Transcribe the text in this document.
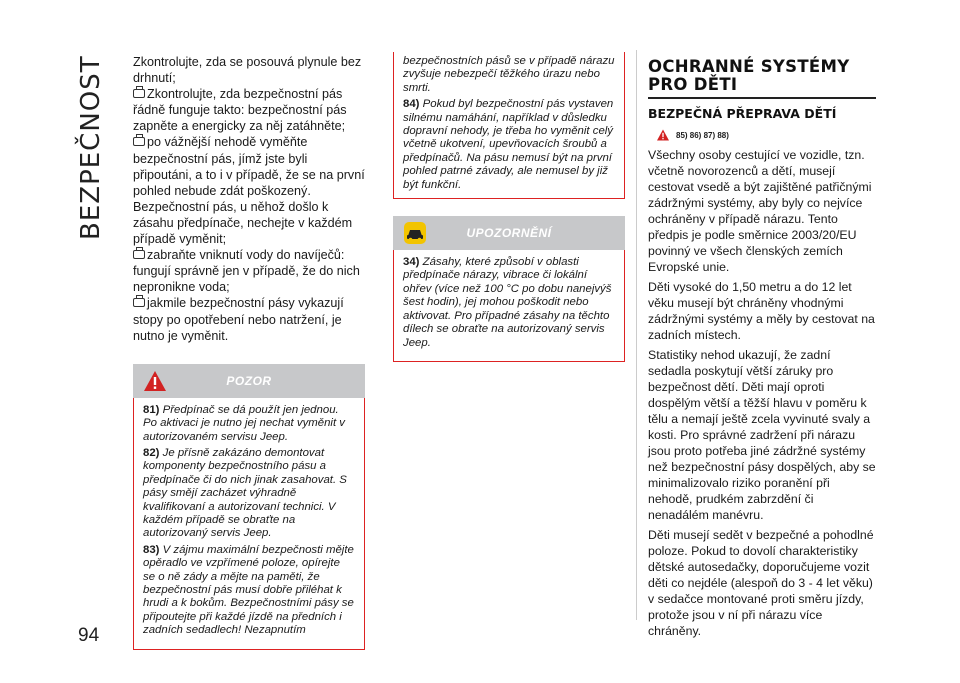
BEZPEČNOST
94

Zkontrolujte, zda se posouvá plynule bez drhnutí;

Zkontrolujte, zda bezpečnostní pás řádně funguje takto: bezpečnostní pás zapněte a energicky za něj zatáhněte;

po vážnější nehodě vyměňte bezpečnostní pás, jímž jste byli připoutáni, a to i v případě, že se na první pohled nebude zdát poškozený. Bezpečnostní pás, u něhož došlo k zásahu předpínače, nechejte v každém případě vyměnit;

zabraňte vniknutí vody do navíječů: fungují správně jen v případě, že do nich nepronikne voda;

jakmile bezpečnostní pásy vykazují stopy po opotřebení nebo natržení, je nutno je vyměnit.

POZOR

81) Předpínač se dá použít jen jednou. Po aktivaci je nutno jej nechat vyměnit v autorizovaném servisu Jeep.

82) Je přísně zakázáno demontovat komponenty bezpečnostního pásu a předpínače či do nich jinak zasahovat. S pásy smějí zacházet výhradně kvalifikovaní a autorizovaní technici. V každém případě se obraťte na autorizovaný servis Jeep.

83) V zájmu maximální bezpečnosti mějte opěradlo ve vzpřímené poloze, opírejte se o ně zády a mějte na paměti, že bezpečnostní pás musí dobře přiléhat k hrudi a k bokům. Bezpečnostními pásy se připoutejte při každé jízdě na předních i zadních sedadlech! Nezapnutím

bezpečnostních pásů se v případě nárazu zvyšuje nebezpečí těžkého úrazu nebo smrti.

84) Pokud byl bezpečnostní pás vystaven silnému namáhání, například v důsledku dopravní nehody, je třeba ho vyměnit celý včetně ukotvení, upevňovacích šroubů a předpínačů. Na pásu nemusí být na první pohled patrné závady, ale nemusel by již být funkční.

UPOZORNĚNÍ

34) Zásahy, které způsobí v oblasti předpínače nárazy, vibrace či lokální ohřev (více než 100 °C po dobu nanejvýš šest hodin), jej mohou poškodit nebo aktivovat. Pro případné zásahy na těchto dílech se obraťte na autorizovaný servis Jeep.

OCHRANNÉ SYSTÉMY PRO DĚTI
BEZPEČNÁ PŘEPRAVA DĚTÍ
85) 86) 87) 88)

Všechny osoby cestující ve vozidle, tzn. včetně novorozenců a dětí, musejí cestovat vsedě a být zajištěné patřičnými zádržnými systémy, aby byly co nejvíce ochráněny v případě nárazu. Tento předpis je podle směrnice 2003/20/EU povinný ve všech členských zemích Evropské unie.

Děti vysoké do 1,50 metru a do 12 let věku musejí být chráněny vhodnými zádržnými systémy a měly by cestovat na zadních místech.

Statistiky nehod ukazují, že zadní sedadla poskytují větší záruky pro bezpečnost dětí. Děti mají oproti dospělým větší a těžší hlavu v poměru k tělu a nemají ještě zcela vyvinuté svaly a kosti. Pro správné zadržení při nárazu jsou proto potřeba jiné zádržné systémy než bezpečnostní pásy dospělých, aby se minimalizovalo riziko poranění při nehodě, prudkém zabrzdění či nenadálém manévru.

Děti musejí sedět v bezpečné a pohodlné poloze. Pokud to dovolí charakteristiky dětské autosedačky, doporučujeme vozit děti co nejdéle (alespoň do 3 - 4 let věku) v sedačce montované proti směru jízdy, protože jsou v ní při nárazu více chráněny.
